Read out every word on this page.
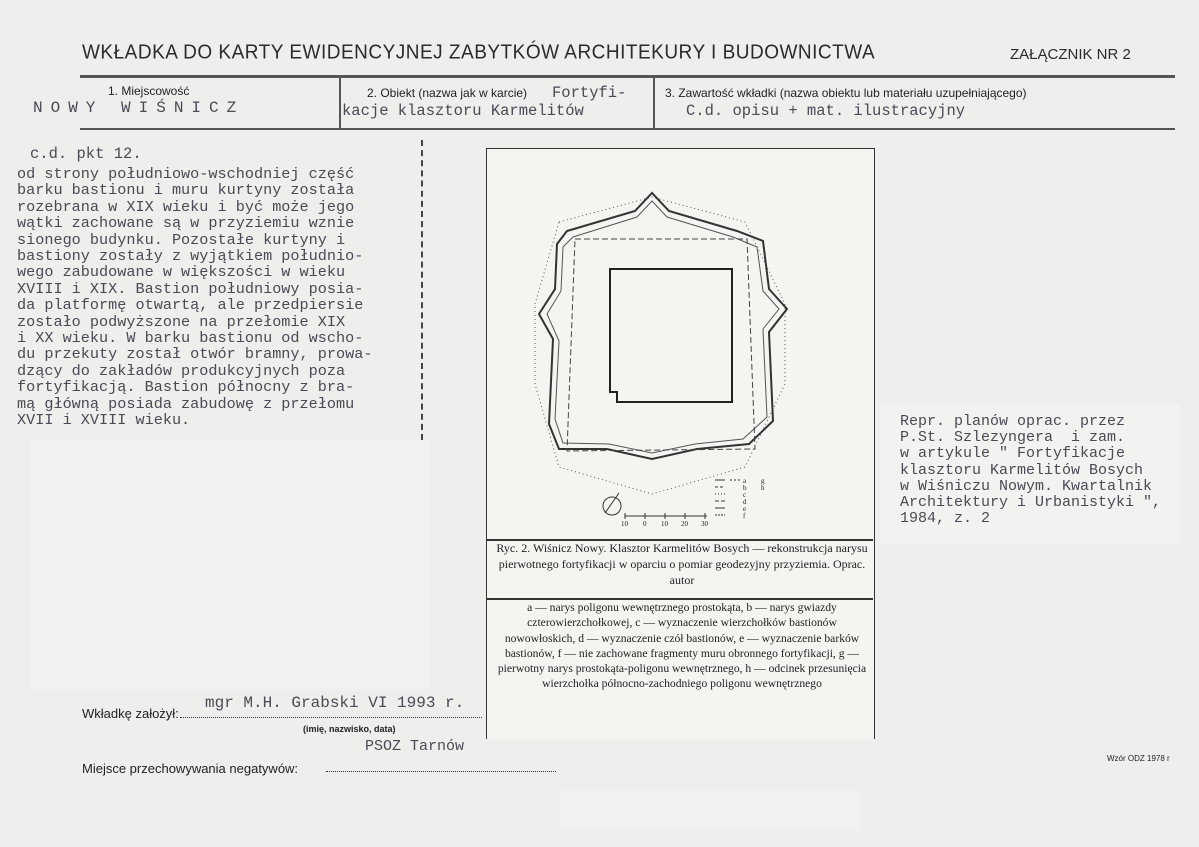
WKŁADKA DO KARTY EWIDENCYJNEJ ZABYTKÓW ARCHITEKURY I BUDOWNICTWA	ZAŁĄCZNIK NR 2
1. Miejscowość	2. Obiekt (nazwa jak w karcie)	3. Zawartość wkładki (nazwa obiektu lub materiału uzupełniającego)
NOWY WIŚNICZ
Fortyfi-
kacje klasztoru Karmelitów	C.d. opisu + mat. ilustracyjny
c.d. pkt 12.
od strony południowo-wschodniej część
barku bastionu i muru kurtyny została
rozebrana w XIX wieku i być może jego
wątki zachowane są w przyziemiu wznie
sionego budynku. Pozostałe kurtyny i
bastiony zostały z wyjątkiem południo-
wego zabudowane w większości w wieku
XVIII i XIX. Bastion południowy posia-
da platformę otwartą, ale przedpiersie
zostało podwyższone na przełomie XIX
i XX wieku. W barku bastionu od wscho-
du przekuty został otwór bramny, prowa-
dzący do zakładów produkcyjnych poza
fortyfikacją. Bastion północny z bra-
mą główną posiada zabudowę z przełomu
XVII i XVIII wieku.
a
b
c
d
e
f
g
h
10 0 10 20 30
Ryc. 2. Wiśnicz Nowy. Klasztor Karmelitów Bosych — rekonstrukcja narysu pierwotnego fortyfikacji w oparciu o pomiar geodezyjny przyziemia. Oprac. autor
a — narys poligonu wewnętrznego prostokąta, b — narys gwiazdy czterowierzchołkowej, c — wyznaczenie wierzchołków bastionów nowowłoskich, d — wyznaczenie czół bastionów, e — wyznaczenie barków bastionów, f — nie zachowane fragmenty muru obronnego fortyfikacji, g — pierwotny narys prostokąta-poligonu wewnętrznego, h — odcinek przesunięcia wierzchołka północno-zachodniego poligonu wewnętrznego
Repr. planów oprac. przez
P.St. Szlezyngera  i zam.
w artykule " Fortyfikacje
klasztoru Karmelitów Bosych
w Wiśniczu Nowym. Kwartalnik
Architektury i Urbanistyki ",
1984, z. 2
Wkładkę założył:
mgr M.H. Grabski VI 1993 r.
(imię, nazwisko, data)
PSOZ Tarnów
Miejsce przechowywania negatywów:
Wzór ODZ 1978 r
